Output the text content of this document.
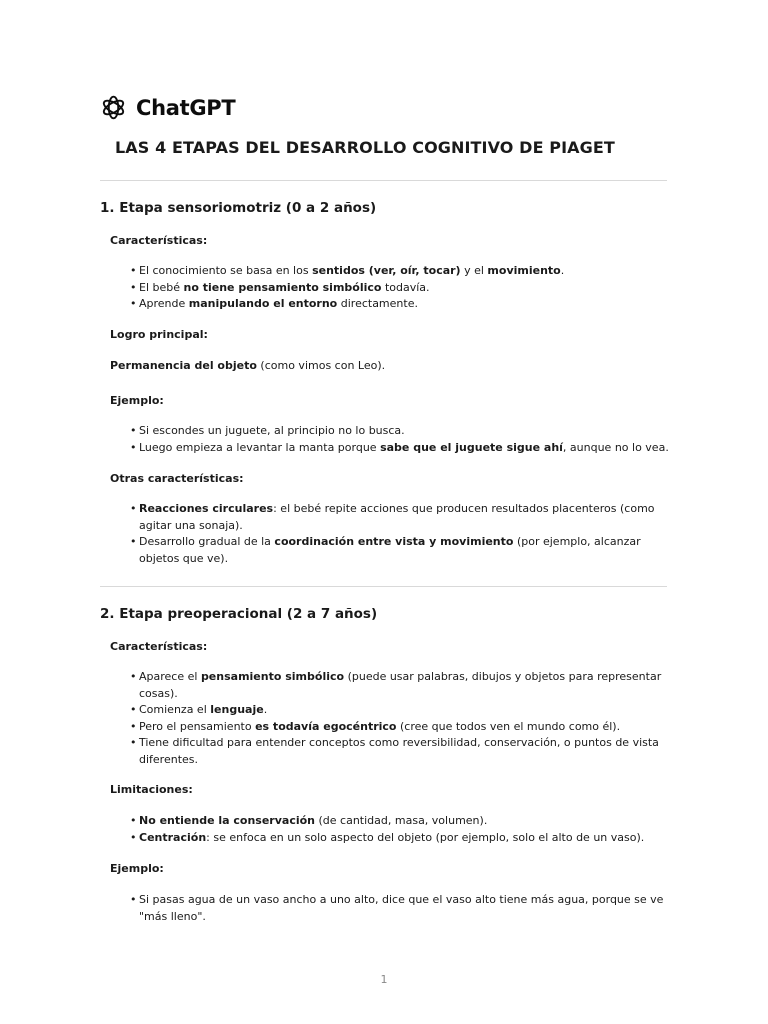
ChatGPT
LAS 4 ETAPAS DEL DESARROLLO COGNITIVO DE PIAGET
1. Etapa sensoriomotriz (0 a 2 años)
Características:
• El conocimiento se basa en los sentidos (ver, oír, tocar) y el movimiento.
• El bebé no tiene pensamiento simbólico todavía.
• Aprende manipulando el entorno directamente.
Logro principal:
Permanencia del objeto (como vimos con Leo).
Ejemplo:
• Si escondes un juguete, al principio no lo busca.
• Luego empieza a levantar la manta porque sabe que el juguete sigue ahí, aunque no lo vea.
Otras características:
• Reacciones circulares: el bebé repite acciones que producen resultados placenteros (como agitar una sonaja).
• Desarrollo gradual de la coordinación entre vista y movimiento (por ejemplo, alcanzar objetos que ve).
2. Etapa preoperacional (2 a 7 años)
Características:
• Aparece el pensamiento simbólico (puede usar palabras, dibujos y objetos para representar cosas).
• Comienza el lenguaje.
• Pero el pensamiento es todavía egocéntrico (cree que todos ven el mundo como él).
• Tiene dificultad para entender conceptos como reversibilidad, conservación, o puntos de vista diferentes.
Limitaciones:
• No entiende la conservación (de cantidad, masa, volumen).
• Centración: se enfoca en un solo aspecto del objeto (por ejemplo, solo el alto de un vaso).
Ejemplo:
• Si pasas agua de un vaso ancho a uno alto, dice que el vaso alto tiene más agua, porque se ve "más lleno".
1
